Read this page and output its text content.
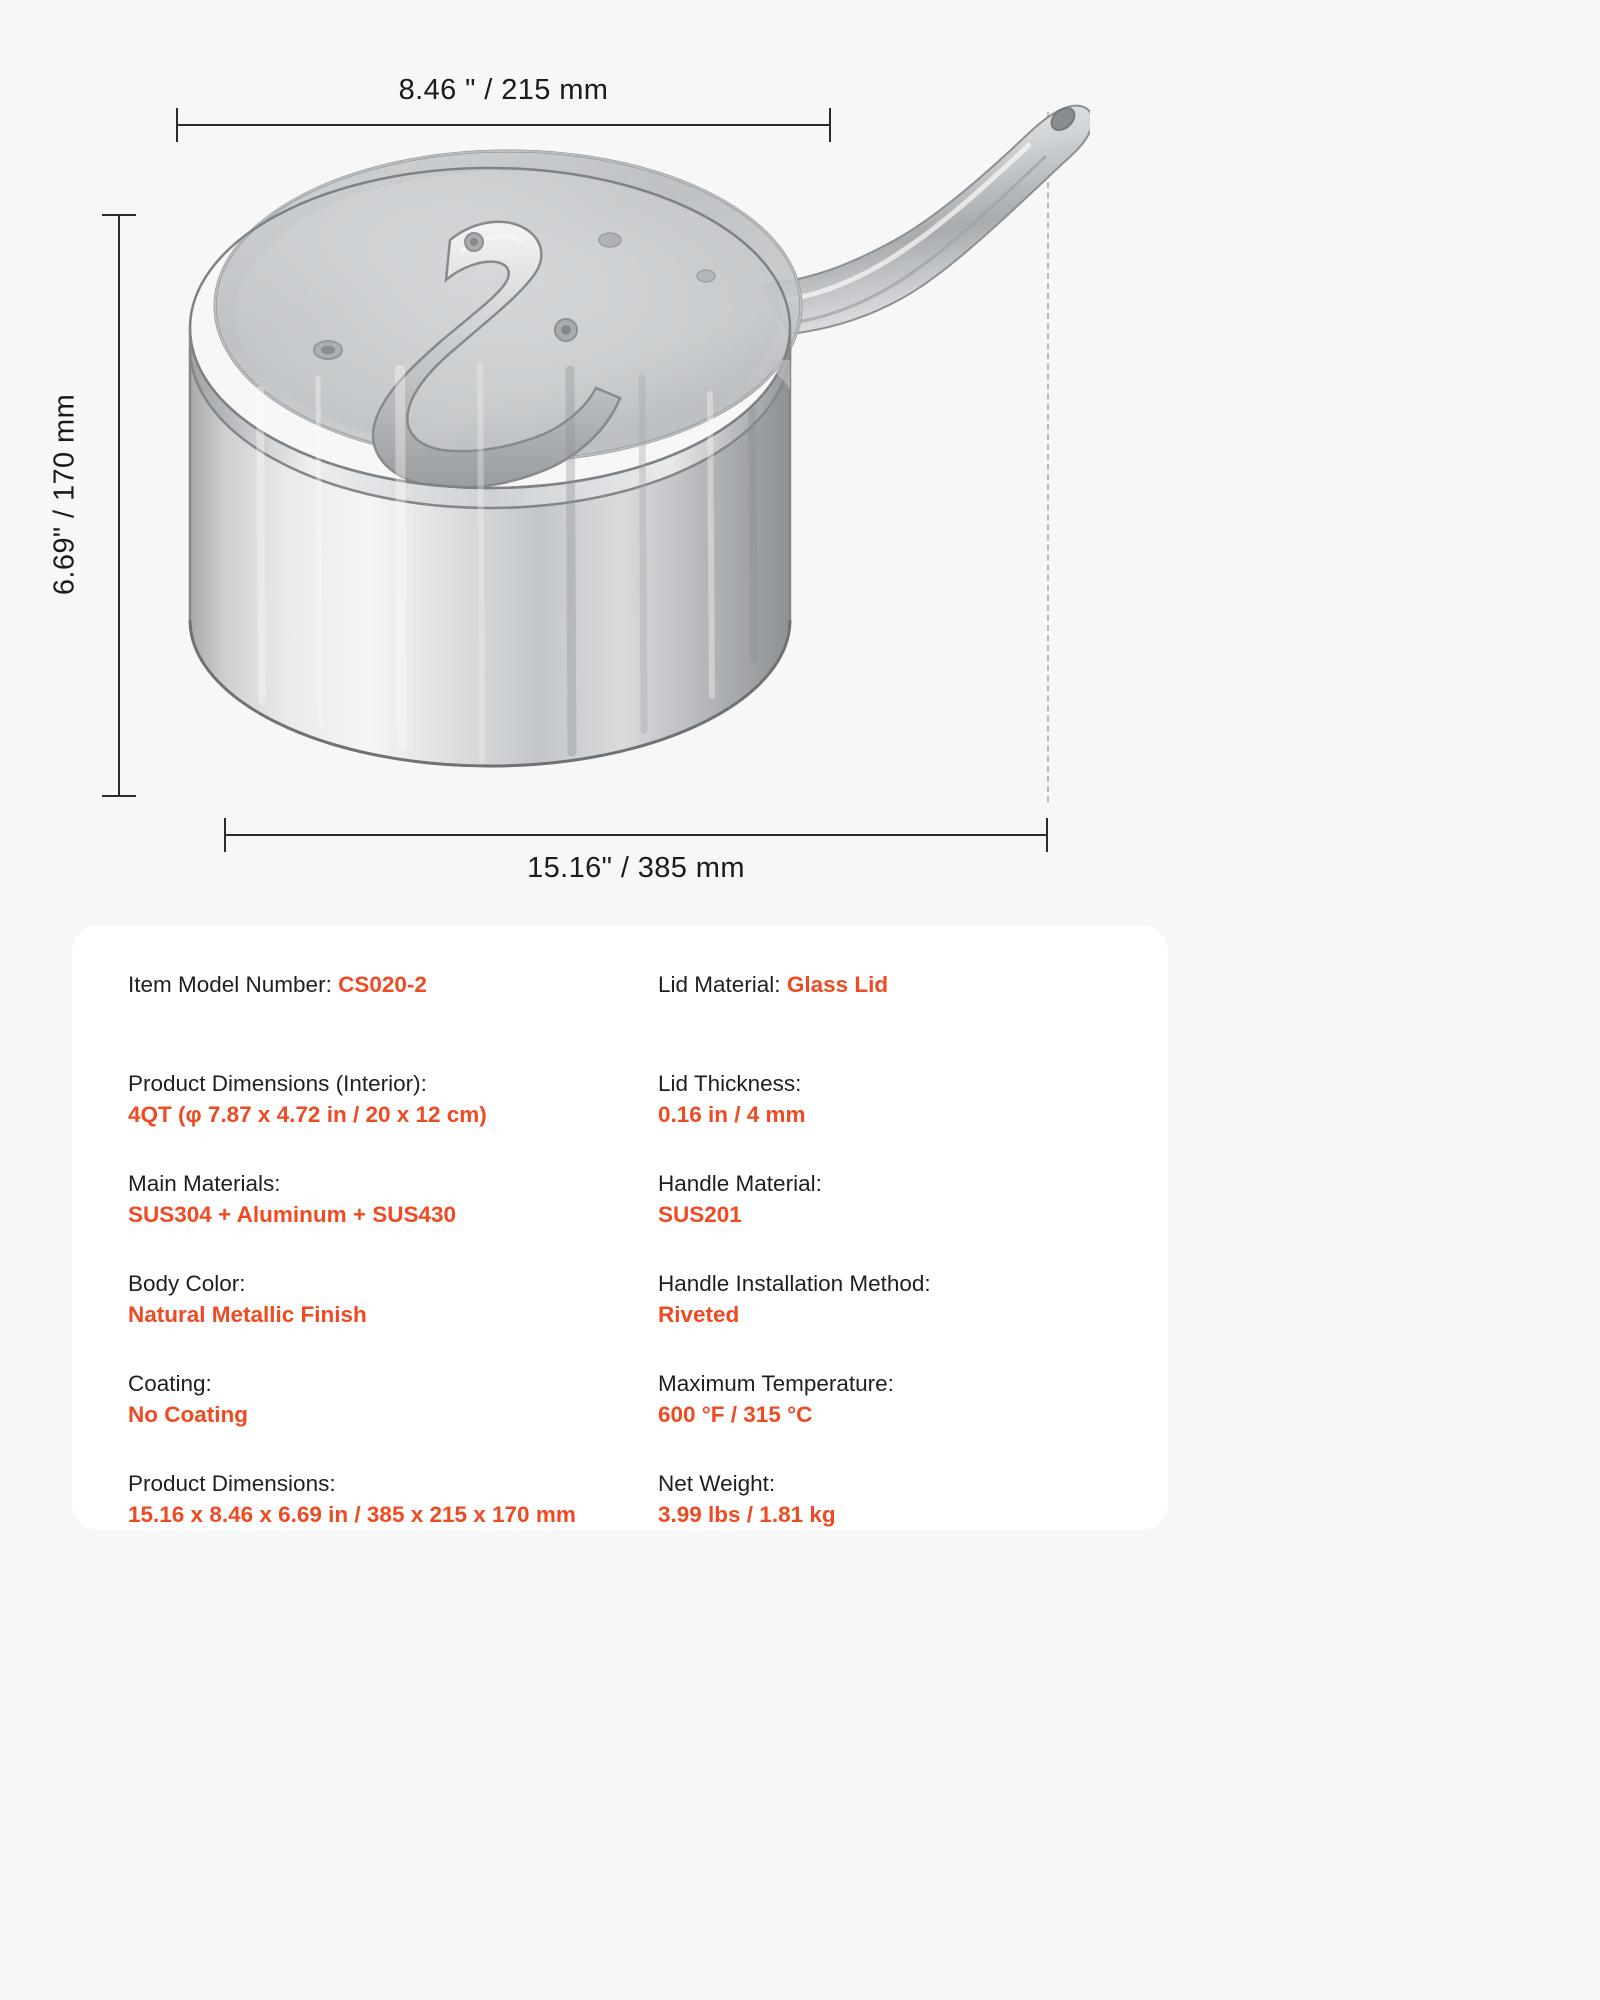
8.46 " / 215 mm
6.69" / 170 mm
15.16" / 385 mm
Item Model Number: CS020-2	Lid Material: Glass Lid
Product Dimensions (Interior):
4QT (φ 7.87 x 4.72 in / 20 x 12 cm)
Lid Thickness:
0.16 in / 4 mm
Main Materials:
SUS304 + Aluminum + SUS430
Handle Material:
SUS201
Body Color:
Natural Metallic Finish
Handle Installation Method:
Riveted
Coating:
No Coating
Maximum Temperature:
600 °F / 315 °C
Product Dimensions:
15.16 x 8.46 x 6.69 in / 385 x 215 x 170 mm
Net Weight:
3.99 lbs / 1.81 kg
